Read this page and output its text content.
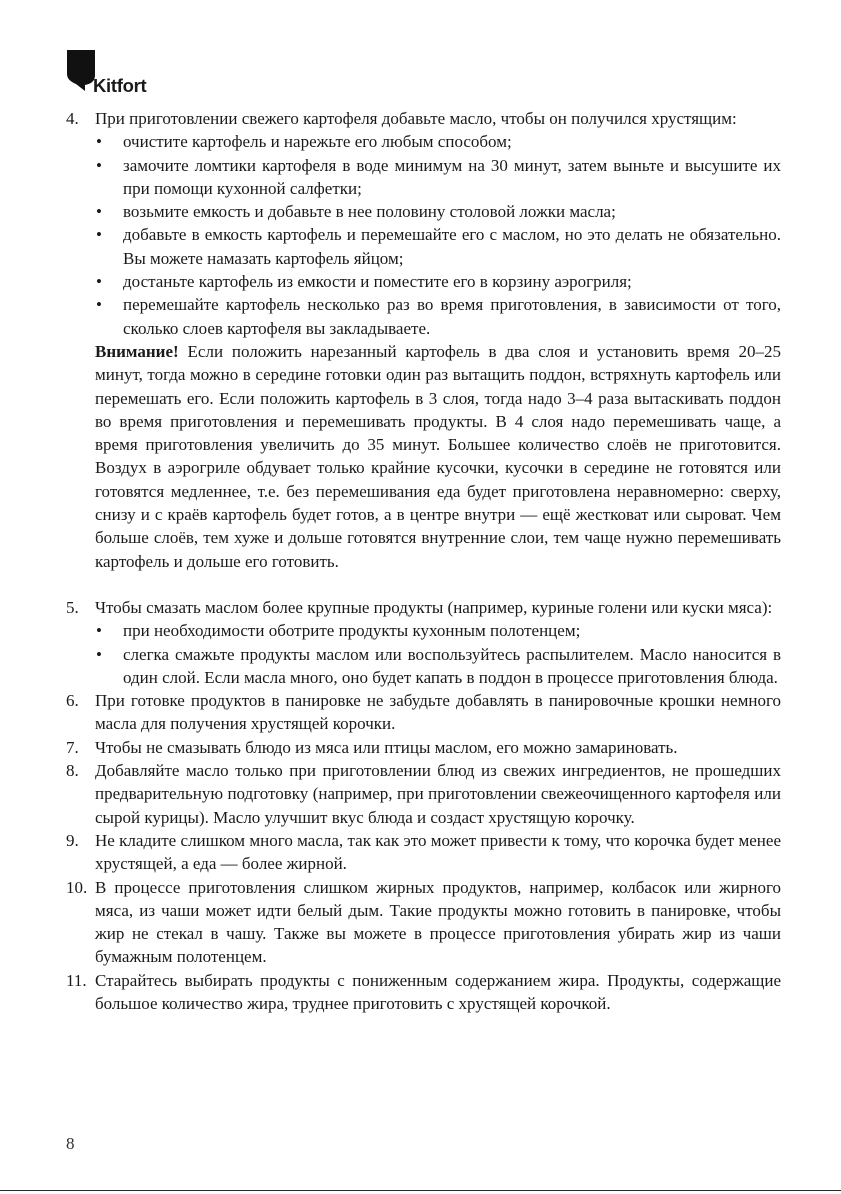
Kitfort
4. При приготовлении свежего картофеля добавьте масло, чтобы он получился хрустящим:
• очистите картофель и нарежьте его любым способом;
• замочите ломтики картофеля в воде минимум на 30 минут, затем выньте и высушите их при помощи кухонной салфетки;
• возьмите емкость и добавьте в нее половину столовой ложки масла;
• добавьте в емкость картофель и перемешайте его с маслом, но это делать не обязательно. Вы можете намазать картофель яйцом;
• достаньте картофель из емкости и поместите его в корзину аэрогриля;
• перемешайте картофель несколько раз во время приготовления, в зависимости от того, сколько слоев картофеля вы закладываете.
Внимание! Если положить нарезанный картофель в два слоя и установить время 20–25 минут, тогда можно в середине готовки один раз вытащить поддон, встряхнуть картофель или перемешать его. Если положить картофель в 3 слоя, тогда надо 3–4 раза вытаскивать поддон во время приготовления и перемешивать продукты. В 4 слоя надо перемешивать чаще, а время приготовления увеличить до 35 минут. Большее количество слоёв не приготовится. Воздух в аэрогриле обдувает только крайние кусочки, кусочки в середине не готовятся или готовятся медленнее, т.е. без перемешивания еда будет приготовлена неравномерно: сверху, снизу и с краёв картофель будет готов, а в центре внутри — ещё жестковат или сыроват. Чем больше слоёв, тем хуже и дольше готовятся внутренние слои, тем чаще нужно перемешивать картофель и дольше его готовить.
5. Чтобы смазать маслом более крупные продукты (например, куриные голени или куски мяса):
• при необходимости оботрите продукты кухонным полотенцем;
• слегка смажьте продукты маслом или воспользуйтесь распылителем. Масло наносится в один слой. Если масла много, оно будет капать в поддон в процессе приготовления блюда.
6. При готовке продуктов в панировке не забудьте добавлять в панировочные крошки немного масла для получения хрустящей корочки.
7. Чтобы не смазывать блюдо из мяса или птицы маслом, его можно замариновать.
8. Добавляйте масло только при приготовлении блюд из свежих ингредиентов, не прошедших предварительную подготовку (например, при приготовлении свежеочищенного картофеля или сырой курицы). Масло улучшит вкус блюда и создаст хрустящую корочку.
9. Не кладите слишком много масла, так как это может привести к тому, что корочка будет менее хрустящей, а еда — более жирной.
10. В процессе приготовления слишком жирных продуктов, например, колбасок или жирного мяса, из чаши может идти белый дым. Такие продукты можно готовить в панировке, чтобы жир не стекал в чашу. Также вы можете в процессе приготовления убирать жир из чаши бумажным полотенцем.
11. Старайтесь выбирать продукты с пониженным содержанием жира. Продукты, содержащие большое количество жира, труднее приготовить с хрустящей корочкой.
8
